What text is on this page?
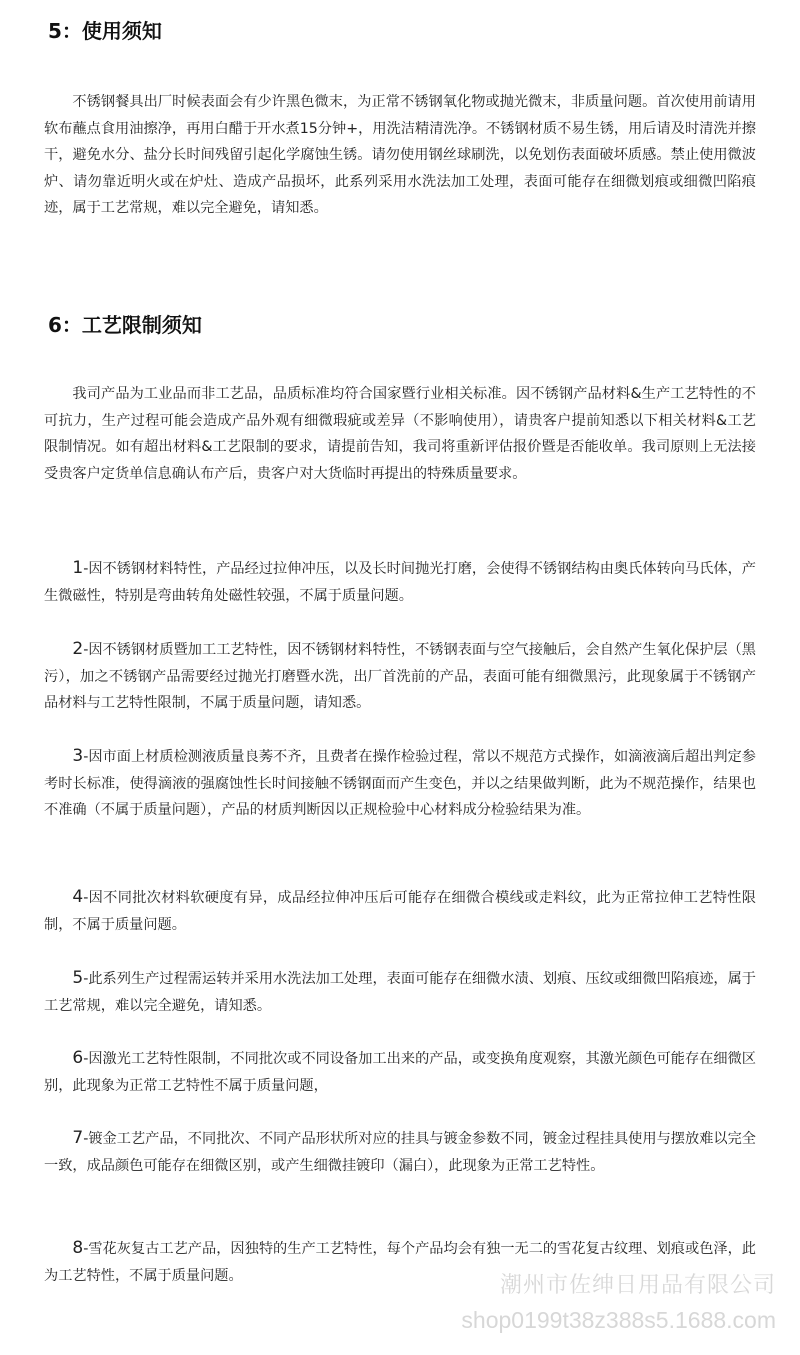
5：使用须知

不锈钢餐具出厂时候表面会有少许黑色微末，为正常不锈钢氧化物或抛光微末，非质量问题。首次使用前请用软布蘸点食用油擦净，再用白醋于开水煮15分钟+，用洗洁精清洗净。不锈钢材质不易生锈，用后请及时清洗并擦干，避免水分、盐分长时间残留引起化学腐蚀生锈。请勿使用钢丝球刷洗，以免划伤表面破坏质感。禁止使用微波炉、请勿靠近明火或在炉灶、造成产品损坏，此系列采用水洗法加工处理，表面可能存在细微划痕或细微凹陷痕迹，属于工艺常规，难以完全避免，请知悉。

6：工艺限制须知

我司产品为工业品而非工艺品，品质标准均符合国家暨行业相关标准。因不锈钢产品材料&生产工艺特性的不可抗力，生产过程可能会造成产品外观有细微瑕疵或差异（不影响使用），请贵客户提前知悉以下相关材料&工艺限制情况。如有超出材料&工艺限制的要求，请提前告知，我司将重新评估报价暨是否能收单。我司原则上无法接受贵客户定货单信息确认布产后，贵客户对大货临时再提出的特殊质量要求。

1-因不锈钢材料特性，产品经过拉伸冲压，以及长时间抛光打磨，会使得不锈钢结构由奥氏体转向马氏体，产生微磁性，特别是弯曲转角处磁性较强，不属于质量问题。

2-因不锈钢材质暨加工工艺特性，因不锈钢材料特性，不锈钢表面与空气接触后，会自然产生氧化保护层（黑污），加之不锈钢产品需要经过抛光打磨暨水洗，出厂首洗前的产品，表面可能有细微黑污，此现象属于不锈钢产品材料与工艺特性限制，不属于质量问题，请知悉。

3-因市面上材质检测液质量良莠不齐，且费者在操作检验过程，常以不规范方式操作，如滴液滴后超出判定参考时长标准，使得滴液的强腐蚀性长时间接触不锈钢面而产生变色，并以之结果做判断，此为不规范操作，结果也不准确（不属于质量问题），产品的材质判断因以正规检验中心材料成分检验结果为准。

4-因不同批次材料软硬度有异，成品经拉伸冲压后可能存在细微合模线或走料纹，此为正常拉伸工艺特性限制，不属于质量问题。

5-此系列生产过程需运转并采用水洗法加工处理，表面可能存在细微水渍、划痕、压纹或细微凹陷痕迹，属于工艺常规，难以完全避免，请知悉。

6-因激光工艺特性限制，不同批次或不同设备加工出来的产品，或变换角度观察，其激光颜色可能存在细微区别，此现象为正常工艺特性不属于质量问题，

7-镀金工艺产品，不同批次、不同产品形状所对应的挂具与镀金参数不同，镀金过程挂具使用与摆放难以完全一致，成品颜色可能存在细微区别，或产生细微挂镀印（漏白），此现象为正常工艺特性。

8-雪花灰复古工艺产品，因独特的生产工艺特性，每个产品均会有独一无二的雪花复古纹理、划痕或色泽，此为工艺特性，不属于质量问题。	潮州市佐绅日用品有限公司
shop0199t38z388s5.1688.com
